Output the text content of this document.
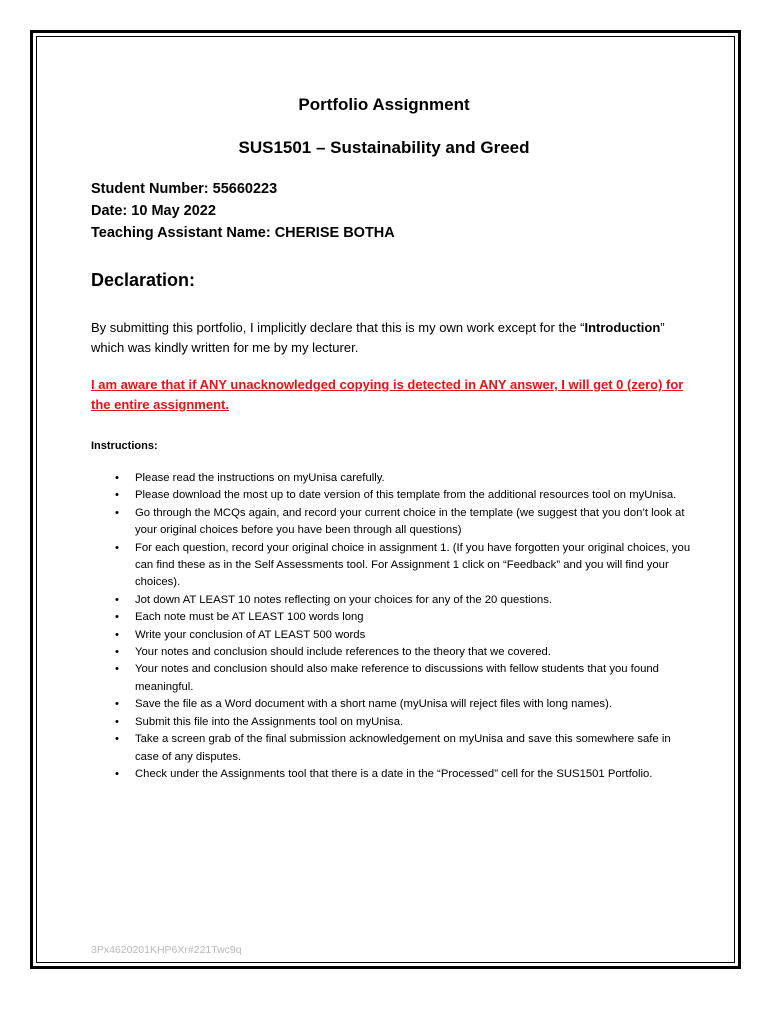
Portfolio Assignment
SUS1501 – Sustainability and Greed
Student Number: 55660223
Date: 10 May 2022
Teaching Assistant Name: CHERISE BOTHA
Declaration:
By submitting this portfolio, I implicitly declare that this is my own work except for the “Introduction” which was kindly written for me by my lecturer.
I am aware that if ANY unacknowledged copying is detected in ANY answer, I will get 0 (zero) for the entire assignment.
Instructions:
• Please read the instructions on myUnisa carefully.
• Please download the most up to date version of this template from the additional resources tool on myUnisa.
• Go through the MCQs again, and record your current choice in the template (we suggest that you don’t look at your original choices before you have been through all questions)
• For each question, record your original choice in assignment 1. (If you have forgotten your original choices, you can find these as in the Self Assessments tool. For Assignment 1 click on “Feedback” and you will find your choices).
• Jot down AT LEAST 10 notes reflecting on your choices for any of the 20 questions.
• Each note must be AT LEAST 100 words long
• Write your conclusion of AT LEAST 500 words
• Your notes and conclusion should include references to the theory that we covered.
• Your notes and conclusion should also make reference to discussions with fellow students that you found meaningful.
• Save the file as a Word document with a short name (myUnisa will reject files with long names).
• Submit this file into the Assignments tool on myUnisa.
• Take a screen grab of the final submission acknowledgement on myUnisa and save this somewhere safe in case of any disputes.
• Check under the Assignments tool that there is a date in the “Processed” cell for the SUS1501 Portfolio.
3Px4620201KHP6Xr#221Twc9q
